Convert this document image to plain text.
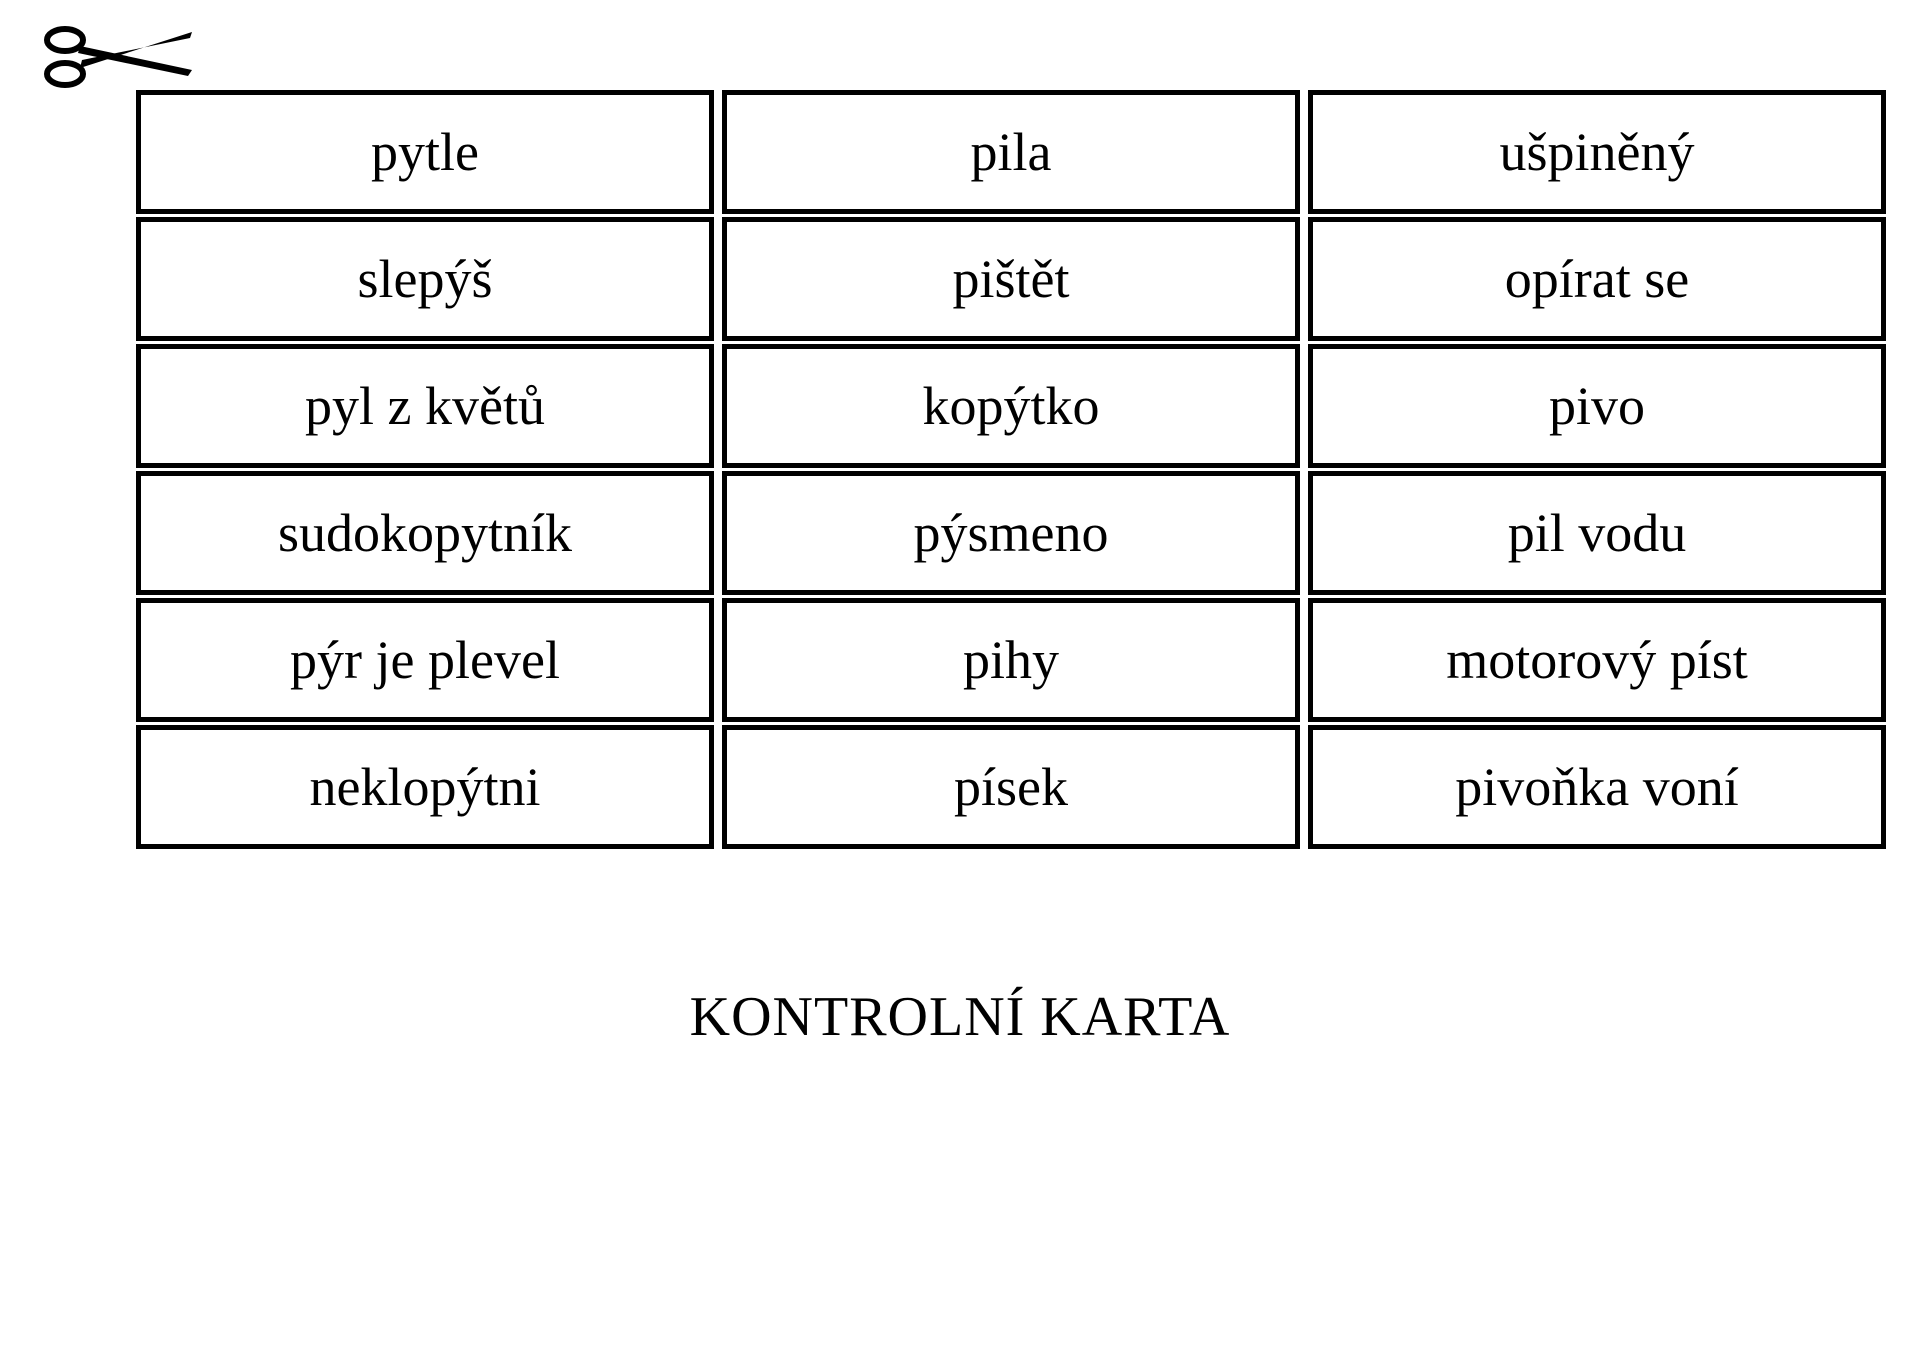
pytle
slepýš
pyl z květů
sudokopytník
pýr je plevel
neklopýtni
pila
pištět
kopýtko
pýsmeno
pihy
písek
ušpiněný
opírat se
pivo
pil vodu
motorový píst
pivoňka voní
KONTROLNÍ KARTA
